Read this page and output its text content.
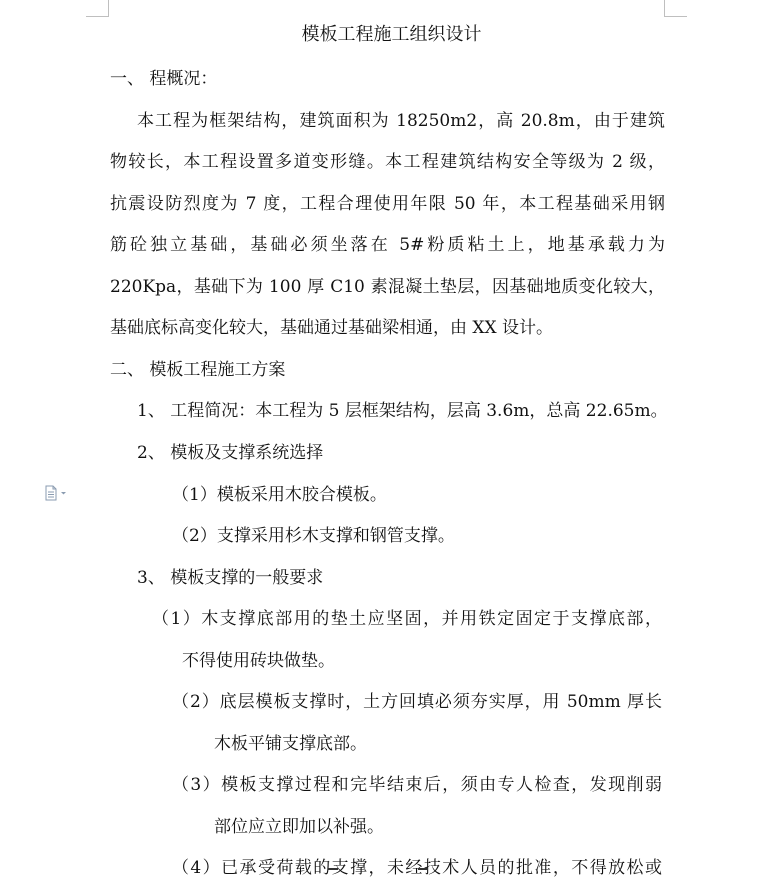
模板工程施工组织设计
一、 程概况：
本工程为框架结构，建筑面积为 18250m2，高 20.8m，由于建筑
物较长，本工程设置多道变形缝。本工程建筑结构安全等级为 2 级，
抗震设防烈度为 7 度，工程合理使用年限 50 年，本工程基础采用钢
筋砼独立基础，基础必须坐落在 5#粉质粘土上，地基承载力为
220Kpa，基础下为 100 厚 C10 素混凝土垫层，因基础地质变化较大，
基础底标高变化较大，基础通过基础梁相通，由 XX 设计。
二、 模板工程施工方案
1、 工程简况：本工程为 5 层框架结构，层高 3.6m，总高 22.65m。
2、 模板及支撑系统选择
（1）模板采用木胶合模板。
（2）支撑采用杉木支撑和钢管支撑。
3、 模板支撑的一般要求
（1）木支撑底部用的垫土应坚固，并用铁定固定于支撑底部，
不得使用砖块做垫。
（2）底层模板支撑时，土方回填必须夯实厚，用 50mm 厚长
木板平铺支撑底部。
（3）模板支撑过程和完毕结束后，须由专人检查，发现削弱
部位应立即加以补强。
（4）已承受荷载的支撑，未经技术人员的批准，不得放松或
